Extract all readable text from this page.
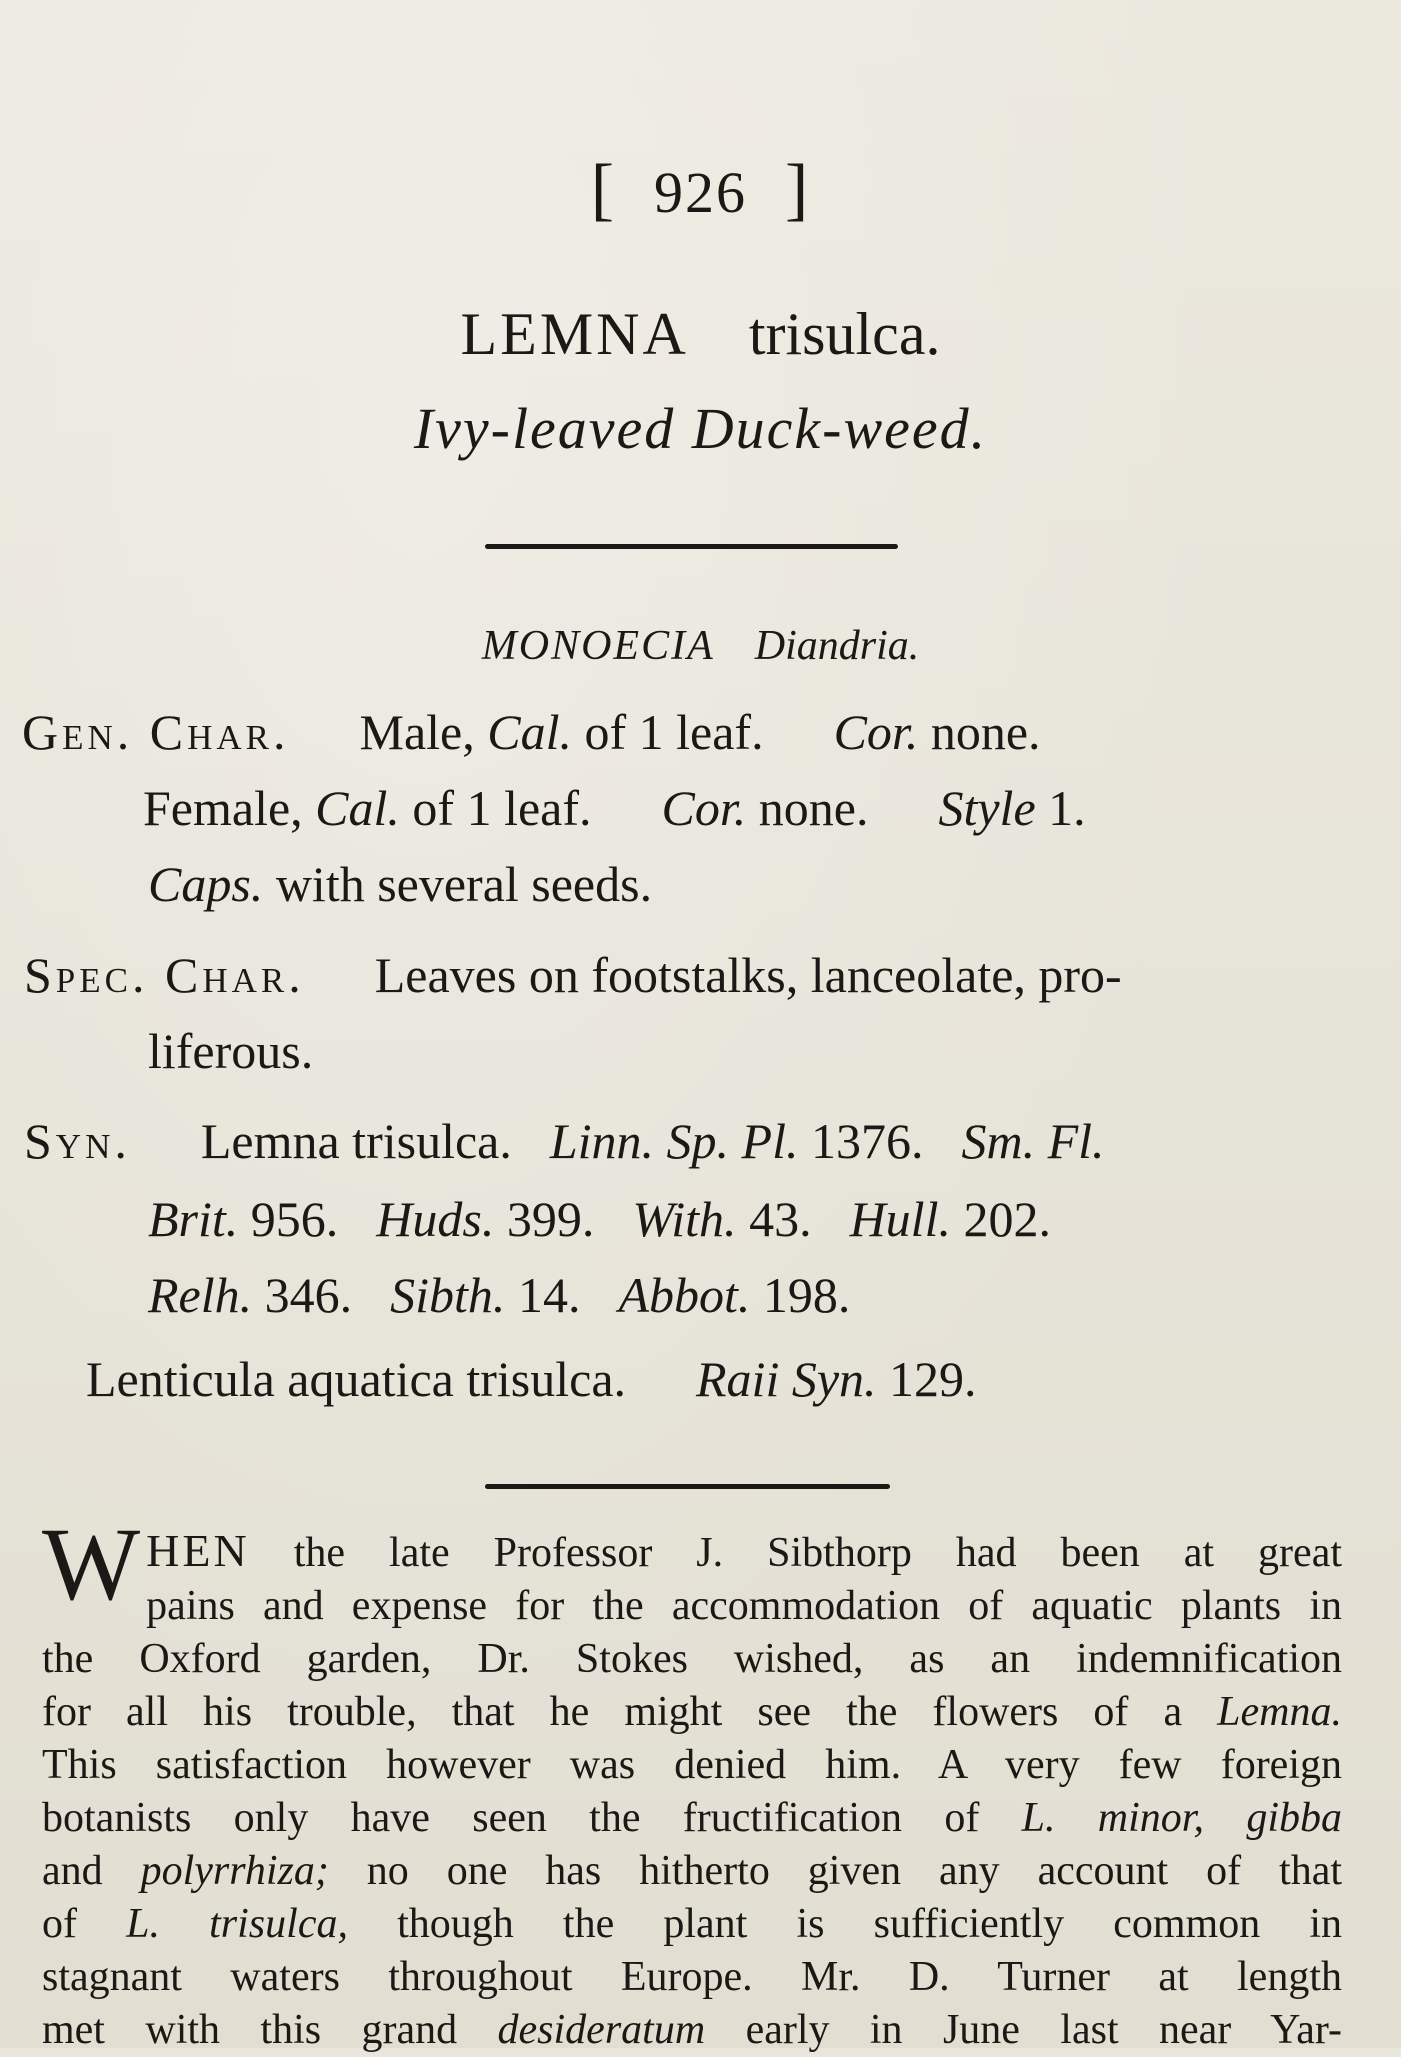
[ 926 ]
LEMNA trisulca.
Ivy-leaved Duck-weed.
MONOECIA Diandria.
Gen. Char. Male, Cal. of 1 leaf. Cor. none.
Female, Cal. of 1 leaf. Cor. none. Style 1.
Caps. with several seeds.
Spec. Char. Leaves on footstalks, lanceolate, pro-
liferous.
Syn. Lemna trisulca. Linn. Sp. Pl. 1376. Sm. Fl.
Brit. 956. Huds. 399. With. 43. Hull. 202.
Relh. 346. Sibth. 14. Abbot. 198.
Lenticula aquatica trisulca. Raii Syn. 129.
W HEN the late Professor J. Sibthorp had been at great
pains and expense for the accommodation of aquatic plants in
the Oxford garden, Dr. Stokes wished, as an indemnification
for all his trouble, that he might see the flowers of a Lemna.
This satisfaction however was denied him. A very few foreign
botanists only have seen the fructification of L. minor, gibba
and polyrrhiza; no one has hitherto given any account of that
of L. trisulca, though the plant is sufficiently common in
stagnant waters throughout Europe. Mr. D. Turner at length
met with this grand desideratum early in June last near Yar-
